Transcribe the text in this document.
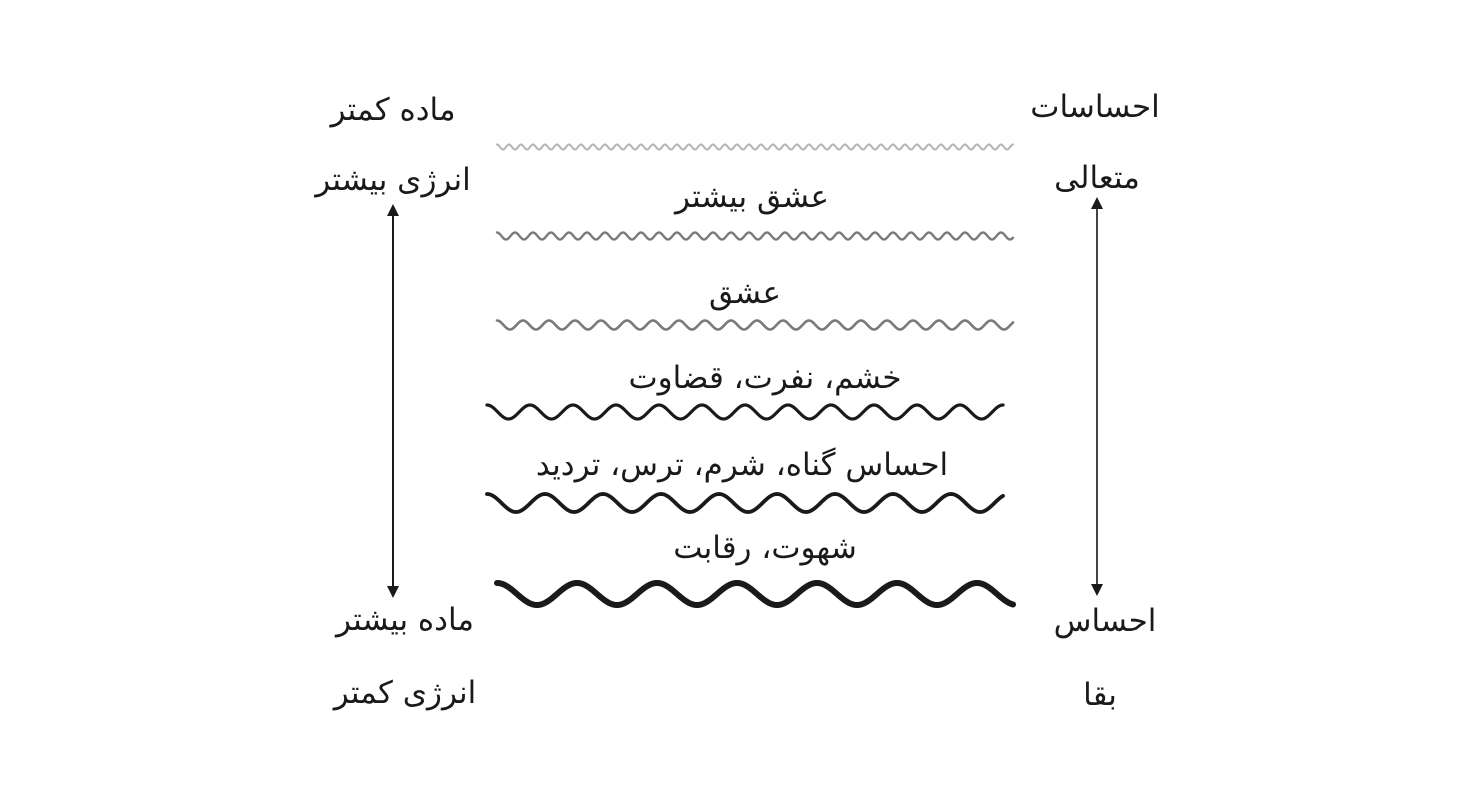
ماده کمتر
انرژی بیشتر
ماده بیشتر
انرژی کمتر
احساسات
متعالی
احساس
بقا
عشق بیشتر
عشق
خشم، نفرت، قضاوت
احساس گناه، شرم، ترس، تردید
شهوت، رقابت
